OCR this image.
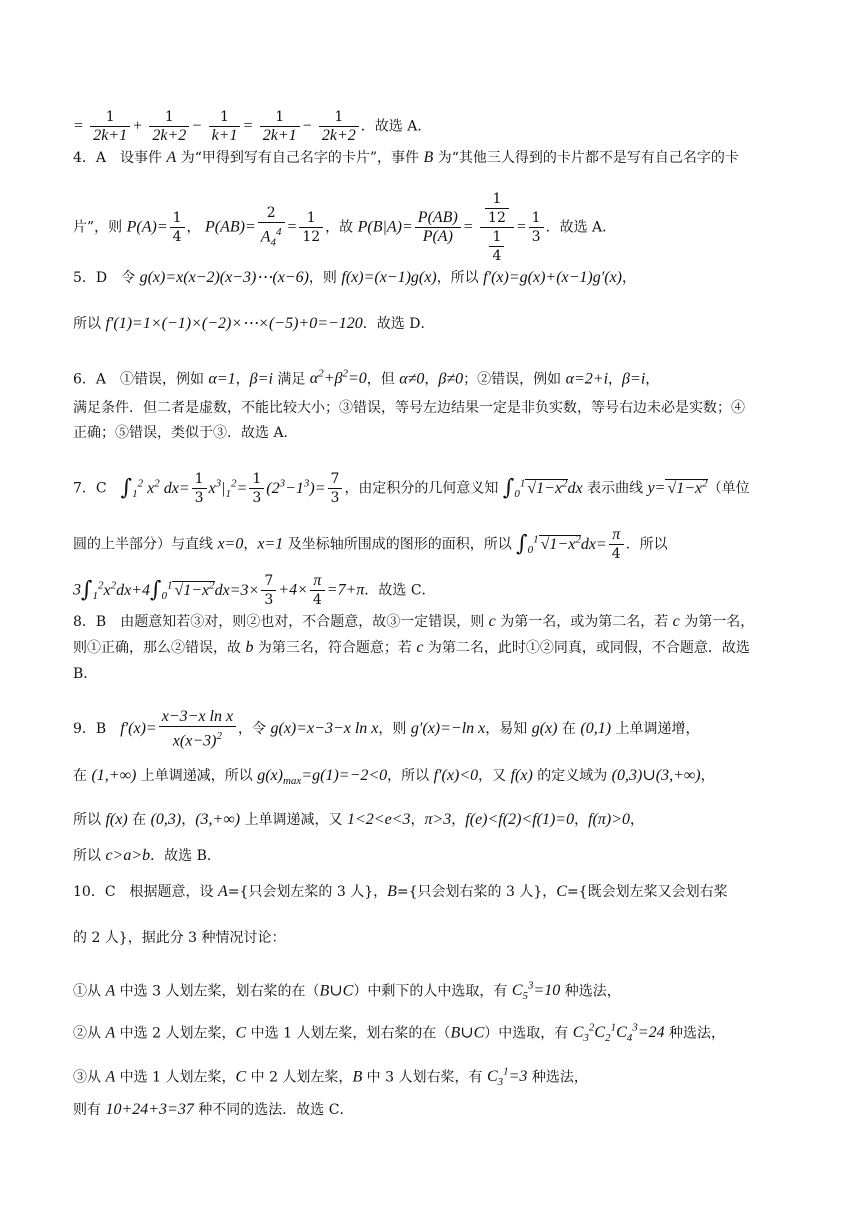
= $\frac{1}{2k+1} + \frac{1}{2k+2} - \frac{1}{k+1} = \frac{1}{2k+1} - \frac{1}{2k+2}$ ．故选 A．
4．A　设事件 A 为“甲得到写有自己名字的卡片”，事件 B 为“其他三人得到的卡片都不是写有自己名字的卡
片”，则 $P(A)= \frac{1}{4}$ ， $P(AB)= \frac{2}{A_4^4} = \frac{1}{12}$ ，故 $P(B|A)= \frac{P(AB)}{P(A)} = \frac{\frac{1}{12}}{\frac{1}{4}} = \frac{1}{3}$ ．故选 A．
5．D　令 g(x)=x(x−2)(x−3)⋯(x−6)，则 f(x)=(x−1)g(x)，所以 f′(x)=g(x)+(x−1)g′(x)，
所以 f′(1)=1×(−1)×(−2)×⋯×(−5)+0=−120．故选 D．
6．A　①错误，例如 α=1，β=i 满足 $\alpha^2+\beta^2=0$，但 α≠0，β≠0；②错误，例如 α=2+i，β=i，
满足条件．但二者是虚数，不能比较大小；③错误，等号左边结果一定是非负实数，等号右边未必是实数；④
正确；⑤错误，类似于③．故选 A．
7．C　$\int_1^2$ $x^2$ $dx= \frac{1}{3} x^3|_1^2= \frac{1}{3} (2^3-1^3)= \frac{7}{3}$ ，由定积分的几何意义知 $\int_0^1$ $√1-x^2dx$ 表示曲线 $y= √1-x^2$（单位
圆的上半部分）与直线 x=0，x=1 及坐标轴所围成的图形的面积，所以 $\int_0^1$ $√1-x^2dx= \frac{\pi}{4}$ ．所以
$3\int_1^2x^2dx+4\int_0^1$ $√1-x^2dx=3\times \frac{7}{3} +4\times \frac{\pi}{4} =7+\pi$．故选 C．
8．B　由题意知若③对，则②也对，不合题意，故③一定错误，则 c 为第一名，或为第二名，若 c 为第一名，
则①正确，那么②错误，故 b 为第三名，符合题意；若 c 为第二名，此时①②同真，或同假，不合题意．故选
B．
9．B　$f'(x)= \frac{\text{x−3−x ln x}}{x(x-3)^2}$ ，令 g(x)=x−3−x ln x，则 g′(x)=−ln x，易知 g(x) 在 (0,1) 上单调递增，
在 (1,+∞) 上单调递减，所以 $g(x)_{max}=g(1)=-2<0$，所以 f′(x)<0，又 f(x) 的定义域为 (0,3)∪(3,+∞)，
所以 f(x) 在 (0,3)，(3,+∞) 上单调递减，又 1<2<e<3，π>3，f(e)<f(2)<f(1)=0，f(π)>0，
所以 c>a>b．故选 B．
10．C　根据题意，设 A={只会划左桨的 3 人}，B={只会划右桨的 3 人}，C={既会划左桨又会划右桨
的 2 人}，据此分 3 种情况讨论：
①从 A 中选 3 人划左桨，划右桨的在（B∪C）中剩下的人中选取，有 $C_5^3=10$ 种选法，
②从 A 中选 2 人划左桨，C 中选 1 人划左桨，划右桨的在（B∪C）中选取，有 $C_3^2C_2^1C_4^3=24$ 种选法，
③从 A 中选 1 人划左桨，C 中 2 人划左桨，B 中 3 人划右桨，有 $C_3^1=3$ 种选法，
则有 10+24+3=37 种不同的选法．故选 C．
